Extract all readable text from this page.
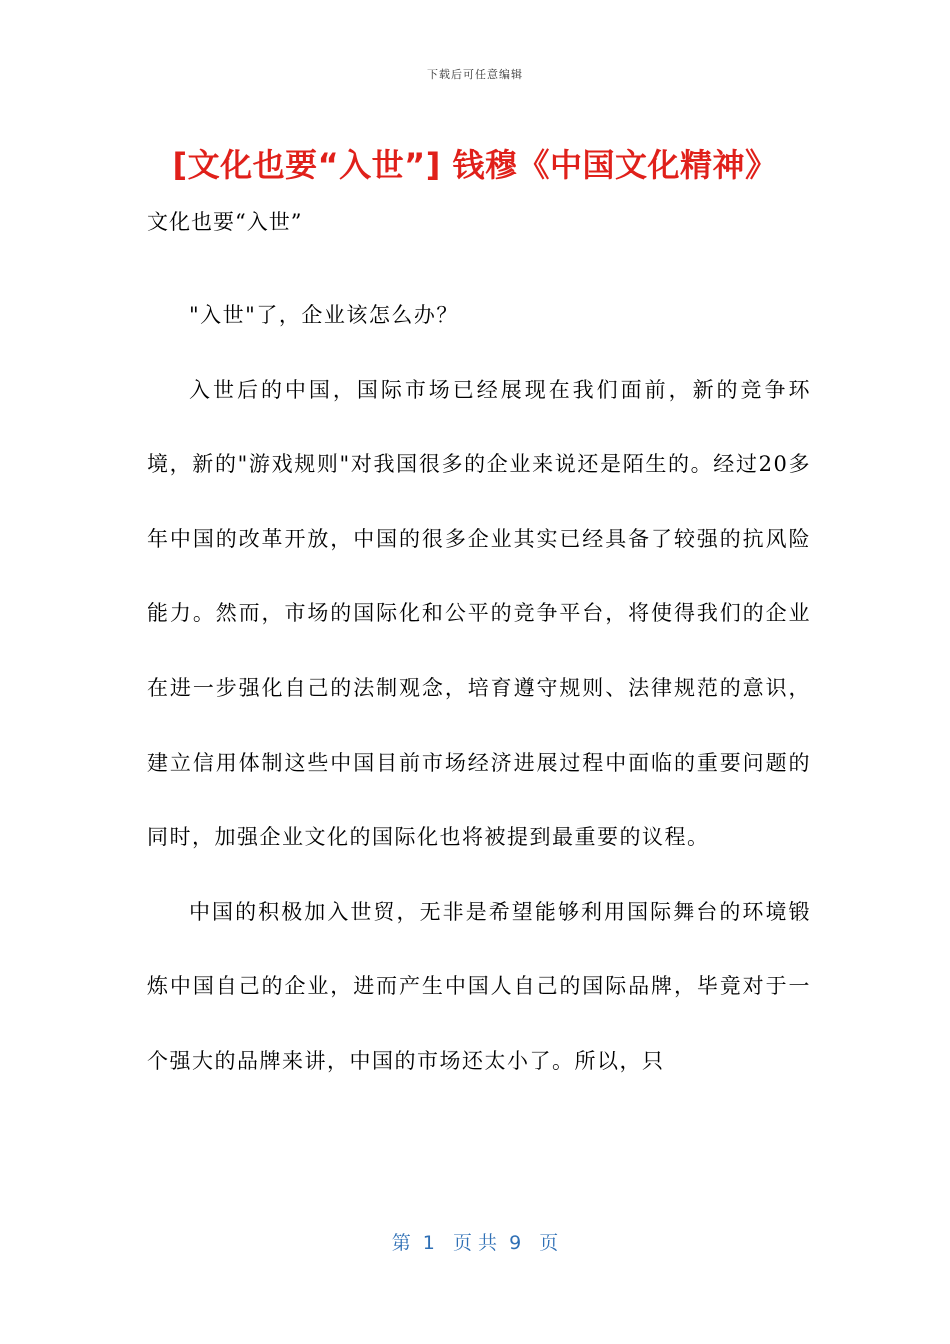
下载后可任意编辑
[文化也要“入世”] 钱穆《中国文化精神》

文化也要“入世”

"入世"了，企业该怎么办？

入世后的中国，国际市场已经展现在我们面前，新的竞争环境，新的"游戏规则"对我国很多的企业来说还是陌生的。经过20多年中国的改革开放，中国的很多企业其实已经具备了较强的抗风险能力。然而，市场的国际化和公平的竞争平台，将使得我们的企业在进一步强化自己的法制观念，培育遵守规则、法律规范的意识，建立信用体制这些中国目前市场经济进展过程中面临的重要问题的同时，加强企业文化的国际化也将被提到最重要的议程。

中国的积极加入世贸，无非是希望能够利用国际舞台的环境锻炼中国自己的企业，进而产生中国人自己的国际品牌，毕竟对于一个强大的品牌来讲，中国的市场还太小了。所以，只

第  1   页 共  9   页
